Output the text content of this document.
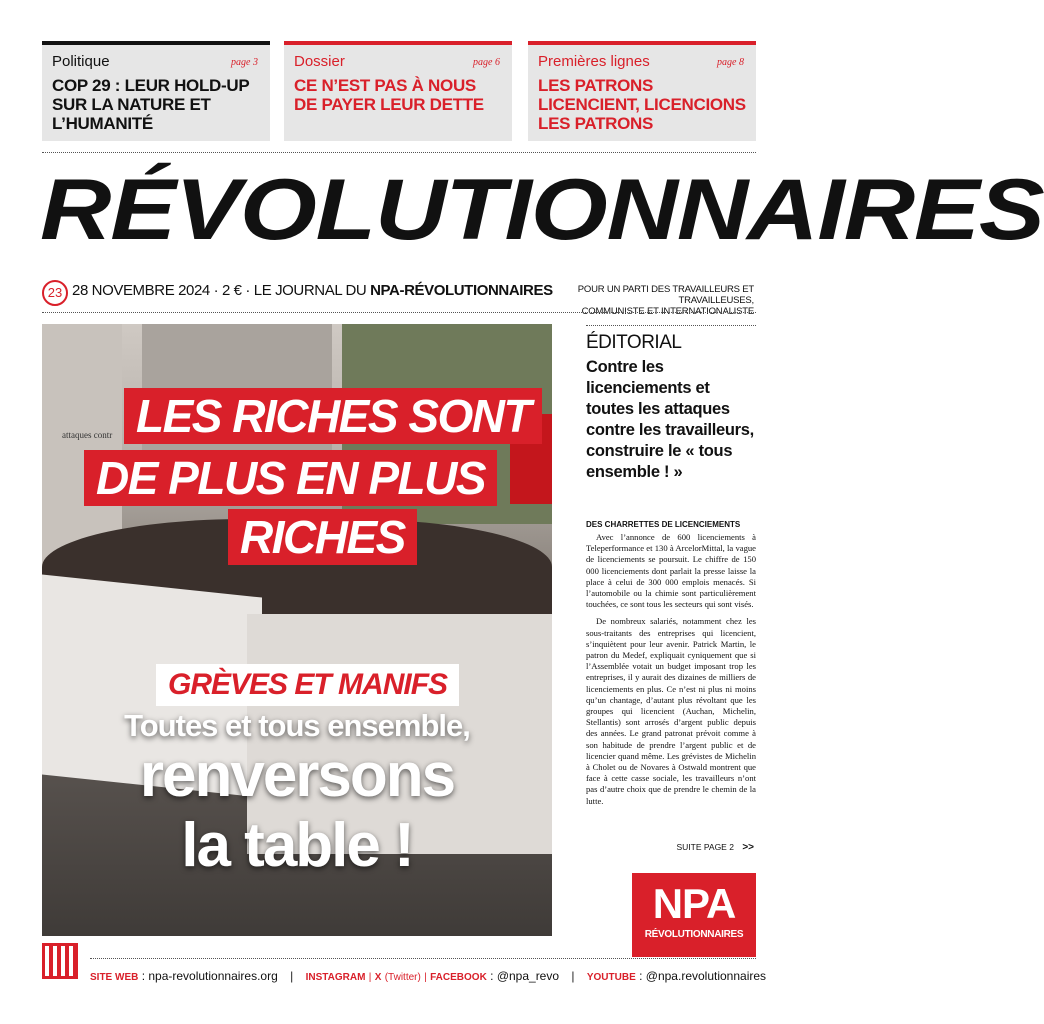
Politique	page 3
COP 29 : LEUR HOLD-UP SUR LA NATURE ET L’HUMANITÉ
Dossier	page 6
CE N’EST PAS À NOUS DE PAYER LEUR DETTE
Premières lignes	page 8
LES PATRONS LICENCIENT, LICENCIONS LES PATRONS
RÉVOLUTIONNAIRES
23 28 NOVEMBRE 2024 · 2 € · LE JOURNAL DU NPA-RÉVOLUTIONNAIRES	POUR UN PARTI DES TRAVAILLEURS ET TRAVAILLEUSES,
COMMUNISTE ET INTERNATIONALISTE
attaques contr LES RICHES SONT
DE PLUS EN PLUS
RICHES
GRÈVES ET MANIFS
Toutes et tous ensemble,
renversons
la table !
ÉDITORIAL
Contre les licenciements et toutes les attaques contre les travailleurs, construire le « tous ensemble ! »
DES CHARRETTES DE LICENCIEMENTS

Avec l’annonce de 600 licenciements à Teleperformance et 130 à ArcelorMittal, la vague de licenciements se poursuit. Le chiffre de 150 000 licenciements dont parlait la presse laisse la place à celui de 300 000 emplois menacés. Si l’automobile ou la chimie sont particulièrement touchées, ce sont tous les secteurs qui sont visés.

De nombreux salariés, notamment chez les sous-traitants des entreprises qui licencient, s’inquiètent pour leur avenir. Patrick Martin, le patron du Medef, expliquait cyniquement que si l’Assemblée votait un budget imposant trop les entreprises, il y aurait des dizaines de milliers de licenciements en plus. Ce n’est ni plus ni moins qu’un chantage, d’autant plus révoltant que les groupes qui licencient (Auchan, Michelin, Stellantis) sont arrosés d’argent public depuis des années. Le grand patronat prévoit comme à son habitude de prendre l’argent public et de licencier quand même. Les grévistes de Michelin à Cholet ou de Novares à Ostwald montrent que face à cette casse sociale, les travailleurs n’ont pas d’autre choix que de prendre le chemin de la lutte.

SUITE PAGE 2 >>
NPA
RÉVOLUTIONNAIRES
SITE WEB : npa-revolutionnaires.org | INSTAGRAM | X (Twitter) | FACEBOOK : @npa_revo | YOUTUBE : @npa.revolutionnaires
